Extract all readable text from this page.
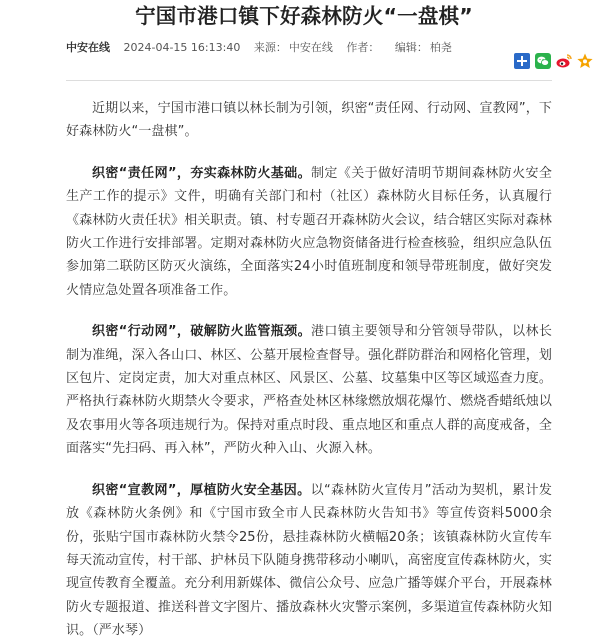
宁国市港口镇下好森林防火“一盘棋”
中安在线 2024-04-15 16:13:40 来源： 中安在线 作者： 编辑： 柏尧

近期以来，宁国市港口镇以林长制为引领，织密“责任网、行动网、宣教网”，下好森林防火“一盘棋”。

织密“责任网”，夯实森林防火基础。制定《关于做好清明节期间森林防火安全生产工作的提示》文件，明确有关部门和村（社区）森林防火目标任务，认真履行《森林防火责任状》相关职责。镇、村专题召开森林防火会议，结合辖区实际对森林防火工作进行安排部署。定期对森林防火应急物资储备进行检查核验，组织应急队伍参加第二联防区防灭火演练，全面落实24小时值班制度和领导带班制度，做好突发火情应急处置各项准备工作。

织密“行动网”，破解防火监管瓶颈。港口镇主要领导和分管领导带队，以林长制为准绳，深入各山口、林区、公墓开展检查督导。强化群防群治和网格化管理，划区包片、定岗定责，加大对重点林区、风景区、公墓、坟墓集中区等区域巡查力度。严格执行森林防火期禁火令要求，严格查处林区林缘燃放烟花爆竹、燃烧香蜡纸烛以及农事用火等各项违规行为。保持对重点时段、重点地区和重点人群的高度戒备，全面落实“先扫码、再入林”，严防火种入山、火源入林。

织密“宣教网”，厚植防火安全基因。以“森林防火宣传月”活动为契机，累计发放《森林防火条例》和《宁国市致全市人民森林防火告知书》等宣传资料5000余份，张贴宁国市森林防火禁令25份，悬挂森林防火横幅20条；该镇森林防火宣传车每天流动宣传，村干部、护林员下队随身携带移动小喇叭，高密度宣传森林防火，实现宣传教育全覆盖。充分利用新媒体、微信公众号、应急广播等媒介平台，开展森林防火专题报道、推送科普文字图片、播放森林火灾警示案例，多渠道宣传森林防火知识。（严水琴）
